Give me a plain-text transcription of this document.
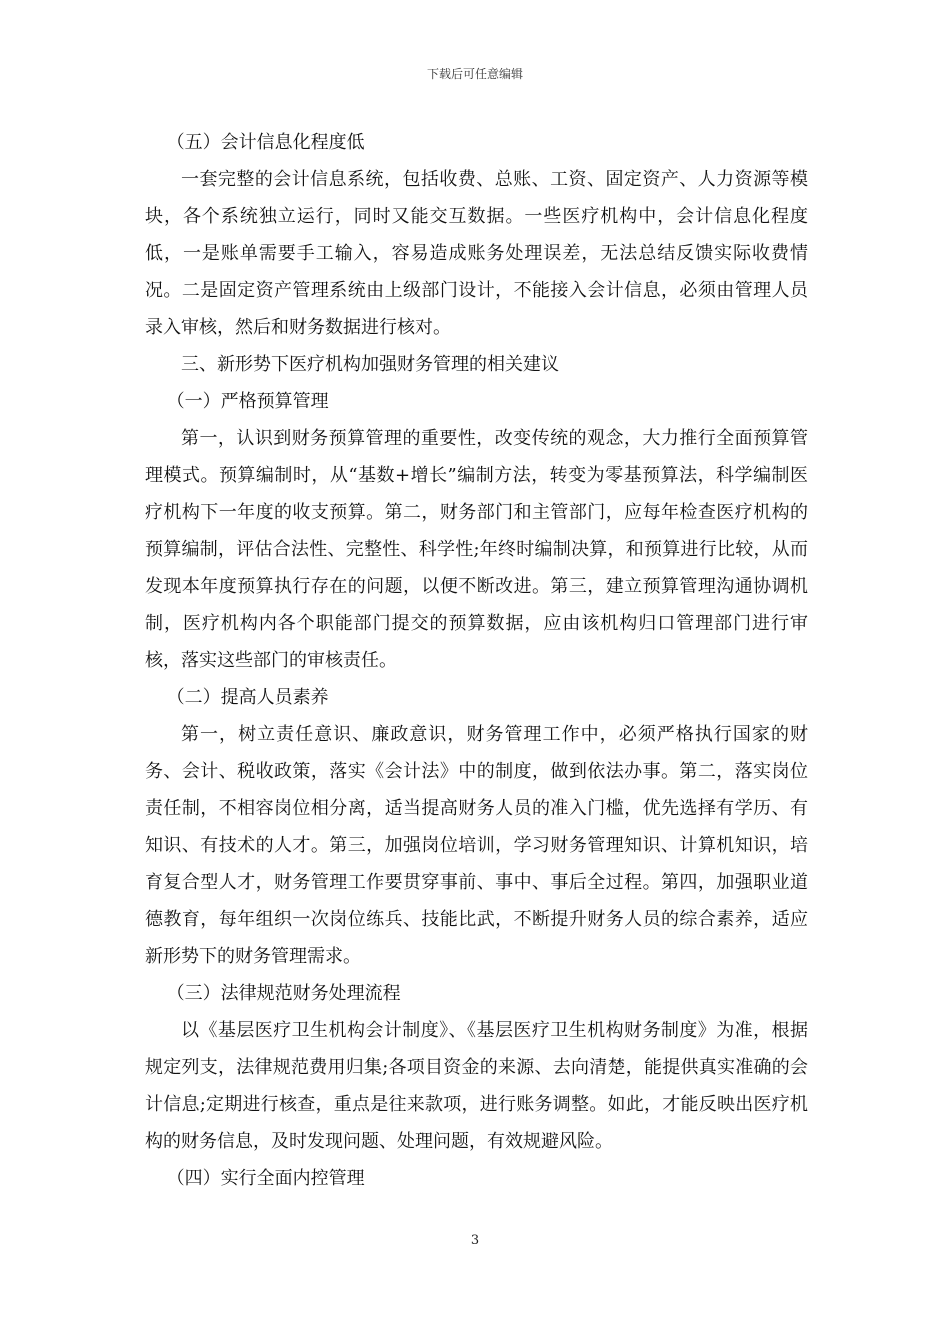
下载后可任意编辑

（五）会计信息化程度低

一套完整的会计信息系统，包括收费、总账、工资、固定资产、人力资源等模块，各个系统独立运行，同时又能交互数据。一些医疗机构中，会计信息化程度低，一是账单需要手工输入，容易造成账务处理误差，无法总结反馈实际收费情况。二是固定资产管理系统由上级部门设计，不能接入会计信息，必须由管理人员录入审核，然后和财务数据进行核对。

三、新形势下医疗机构加强财务管理的相关建议

（一）严格预算管理

第一，认识到财务预算管理的重要性，改变传统的观念，大力推行全面预算管理模式。预算编制时，从“基数+增长”编制方法，转变为零基预算法，科学编制医疗机构下一年度的收支预算。第二，财务部门和主管部门，应每年检查医疗机构的预算编制，评估合法性、完整性、科学性;年终时编制决算，和预算进行比较，从而发现本年度预算执行存在的问题，以便不断改进。第三，建立预算管理沟通协调机制，医疗机构内各个职能部门提交的预算数据，应由该机构归口管理部门进行审核，落实这些部门的审核责任。

（二）提高人员素养

第一，树立责任意识、廉政意识，财务管理工作中，必须严格执行国家的财务、会计、税收政策，落实《会计法》中的制度，做到依法办事。第二，落实岗位责任制，不相容岗位相分离，适当提高财务人员的准入门槛，优先选择有学历、有知识、有技术的人才。第三，加强岗位培训，学习财务管理知识、计算机知识，培育复合型人才，财务管理工作要贯穿事前、事中、事后全过程。第四，加强职业道德教育，每年组织一次岗位练兵、技能比武，不断提升财务人员的综合素养，适应新形势下的财务管理需求。

（三）法律规范财务处理流程

以《基层医疗卫生机构会计制度》、《基层医疗卫生机构财务制度》为准，根据规定列支，法律规范费用归集;各项目资金的来源、去向清楚，能提供真实准确的会计信息;定期进行核查，重点是往来款项，进行账务调整。如此，才能反映出医疗机构的财务信息，及时发现问题、处理问题，有效规避风险。

（四）实行全面内控管理

3
